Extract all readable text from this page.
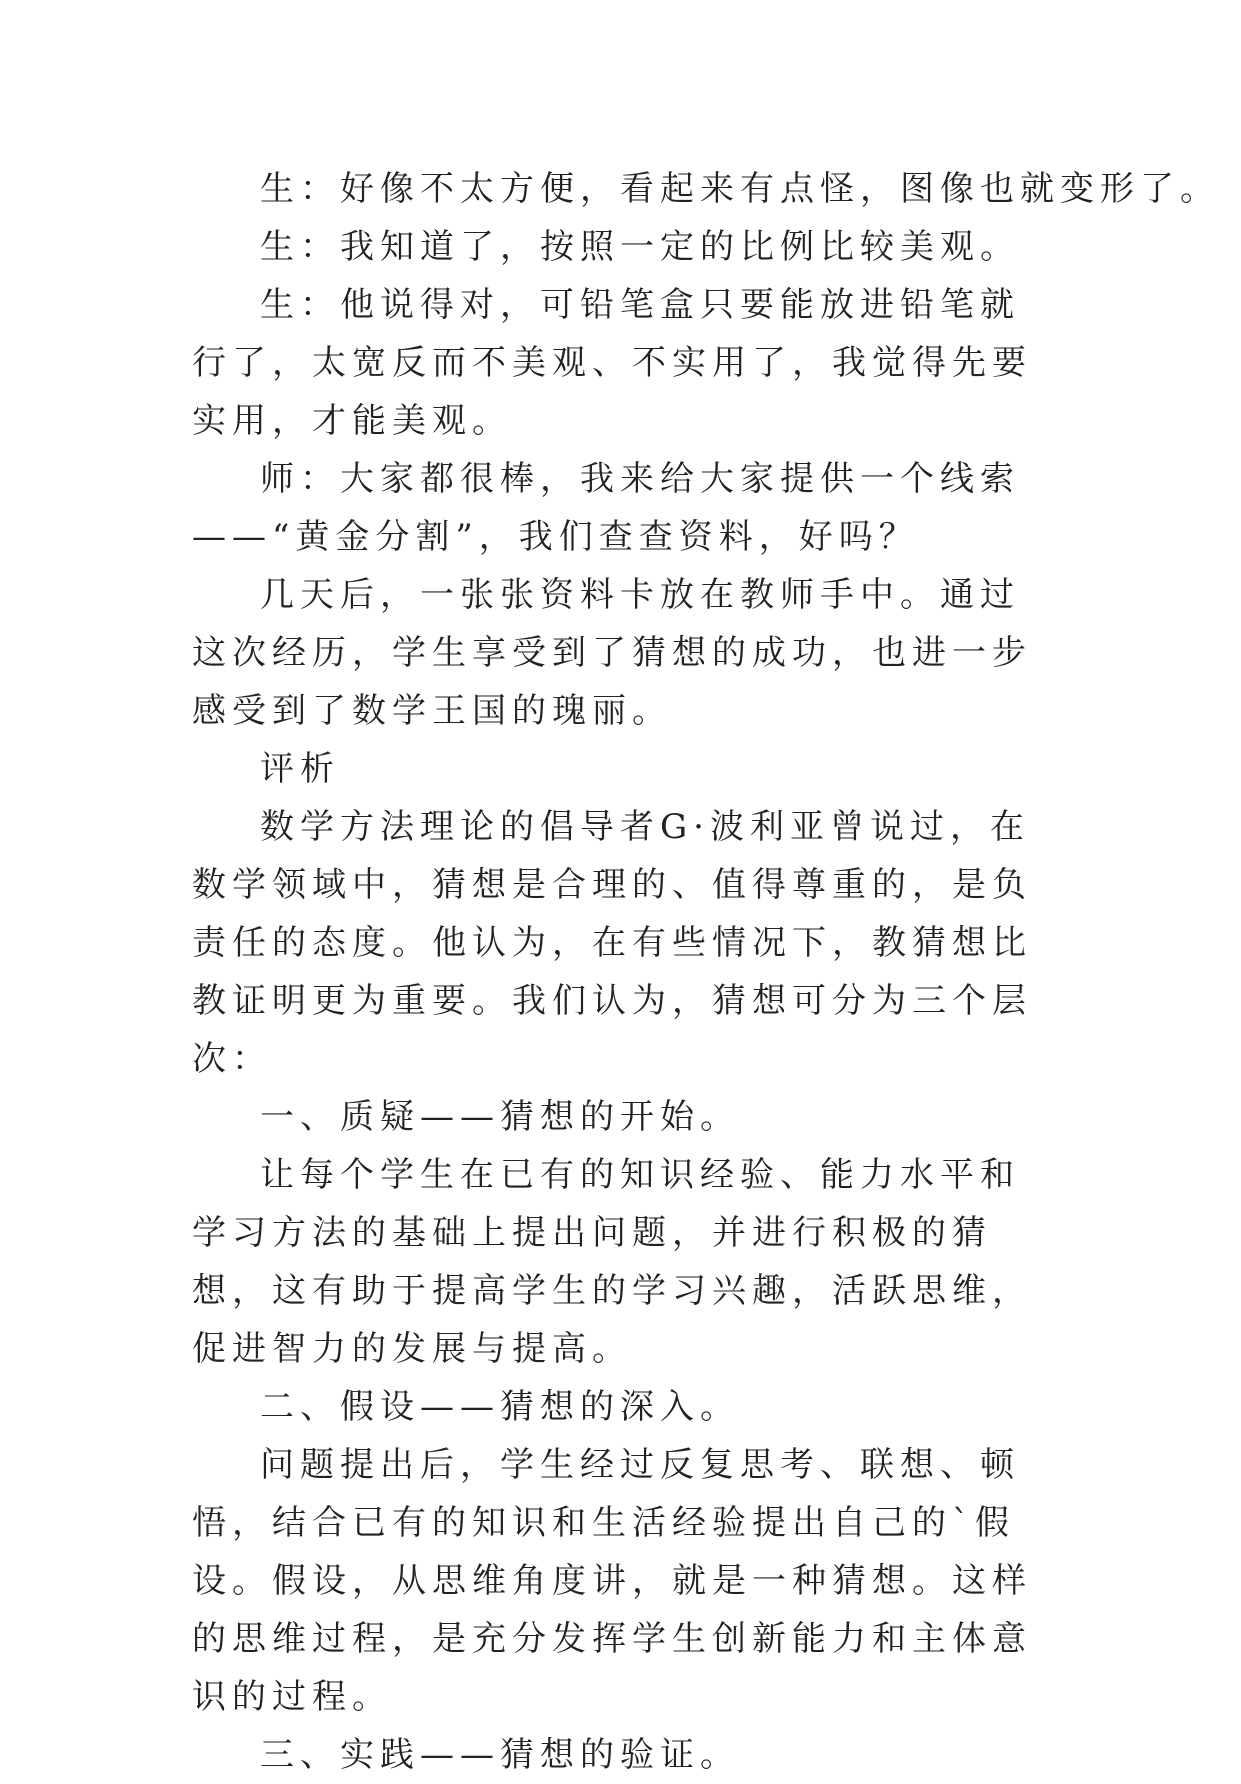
生：好像不太方便，看起来有点怪，图像也就变形了。

生：我知道了，按照一定的比例比较美观。

生：他说得对，可铅笔盒只要能放进铅笔就行了，太宽反而不美观、不实用了，我觉得先要实用，才能美观。

师：大家都很棒，我来给大家提供一个线索——“黄金分割”，我们查查资料，好吗？

几天后，一张张资料卡放在教师手中。通过这次经历，学生享受到了猜想的成功，也进一步感受到了数学王国的瑰丽。

评析

数学方法理论的倡导者G·波利亚曾说过，在数学领域中，猜想是合理的、值得尊重的，是负责任的态度。他认为，在有些情况下，教猜想比教证明更为重要。我们认为，猜想可分为三个层次：

一、质疑——猜想的开始。

让每个学生在已有的知识经验、能力水平和学习方法的基础上提出问题，并进行积极的猜想，这有助于提高学生的学习兴趣，活跃思维，促进智力的发展与提高。

二、假设——猜想的深入。

问题提出后，学生经过反复思考、联想、顿悟，结合已有的知识和生活经验提出自己的`假设。假设，从思维角度讲，就是一种猜想。这样的思维过程，是充分发挥学生创新能力和主体意识的过程。

三、实践——猜想的验证。
